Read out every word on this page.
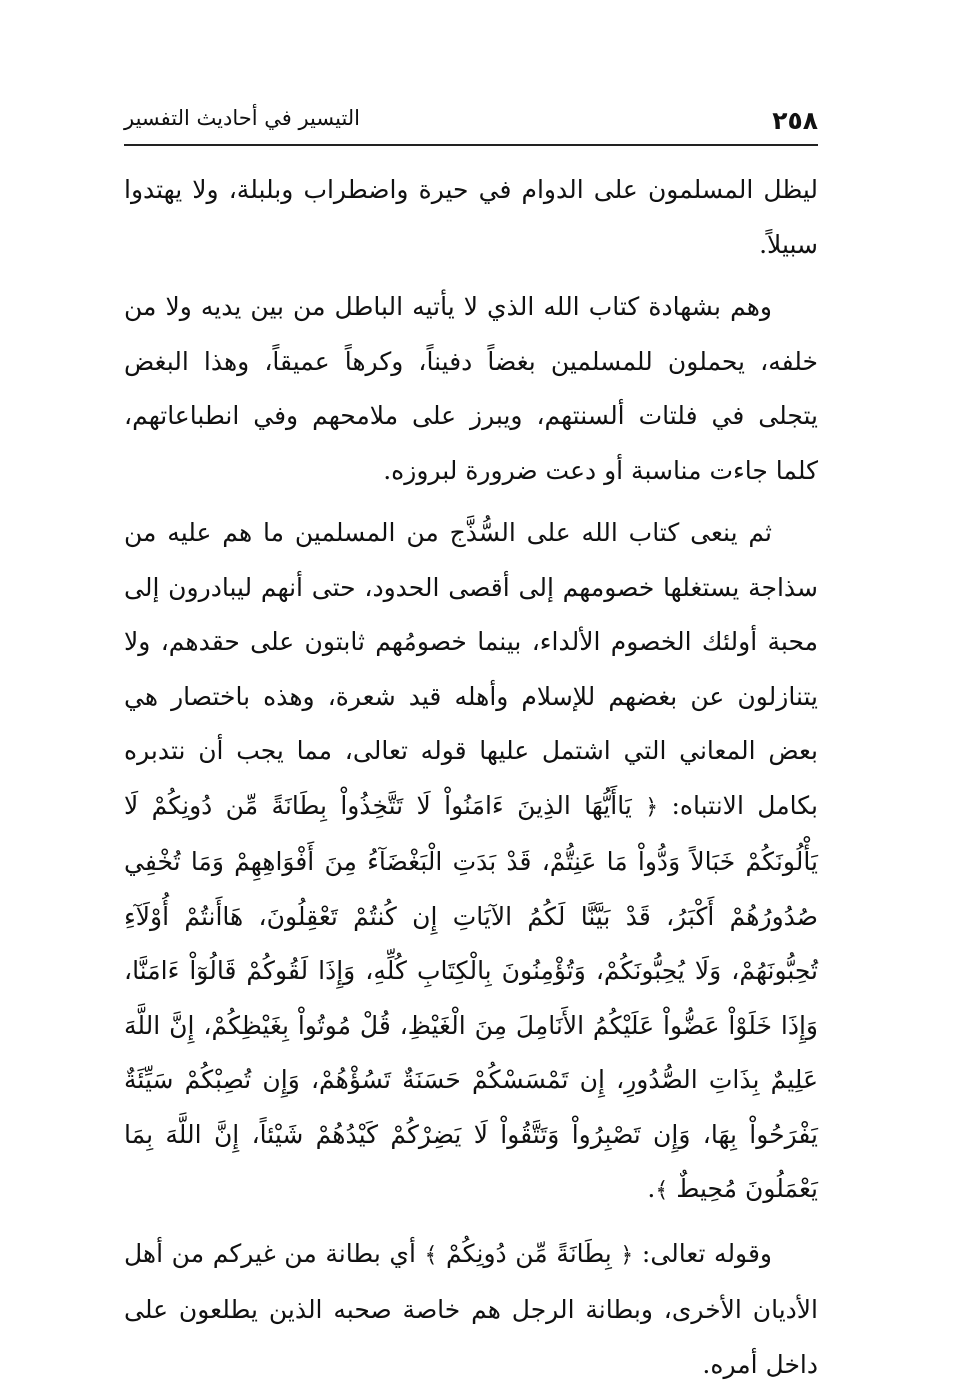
٢٥٨
التيسير في أحاديث التفسير

ليظل المسلمون على الدوام في حيرة واضطراب وبلبلة، ولا يهتدوا سبيلاً.

وهم بشهادة كتاب الله الذي لا يأتيه الباطل من بين يديه ولا من خلفه، يحملون للمسلمين بغضاً دفيناً، وكرهاً عميقاً، وهذا البغض يتجلى في فلتات ألسنتهم، ويبرز على ملامحهم وفي انطباعاتهم، كلما جاءت مناسبة أو دعت ضرورة لبروزه.

ثم ينعى كتاب الله على السُّذَّج من المسلمين ما هم عليه من سذاجة يستغلها خصومهم إلى أقصى الحدود، حتى أنهم ليبادرون إلى محبة أولئك الخصوم الألداء، بينما خصومُهم ثابتون على حقدهم، ولا يتنازلون عن بغضهم للإسلام وأهله قيد شعرة، وهذه باختصار هي بعض المعاني التي اشتمل عليها قوله تعالى، مما يجب أن نتدبره بكامل الانتباه: ﴿ يَاأَيُّهَا الذِينَ ءَامَنُواْ لَا تَتَّخِذُواْ بِطَانَةً مِّن دُونِكُمْ لَا يَأْلُونَكُمْ خَبَالاً وَدُّواْ مَا عَنِتُّمْ، قَدْ بَدَتِ الْبَغْضَآءُ مِنَ أَفْوَاهِهِمْ وَمَا تُخْفِي صُدُورُهُمْ أَكْبَرُ، قَدْ بَيَّنَّا لَكُمُ الآيَاتِ إِن كُنتُمْ تَعْقِلُونَ، هَاأَنتُمْ أُوْلَآءِ تُحِبُّونَهُمْ، وَلَا يُحِبُّونَكُمْ، وَتُؤْمِنُونَ بِالْكِتَابِ كُلِّهِ، وَإِذَا لَقُوكُمْ قَالُوٓاْ ءَامَنَّا، وَإِذَا خَلَوْاْ عَضُّواْ عَلَيْكُمُ الأَنَامِلَ مِنَ الْغَيْظِ، قُلْ مُوتُواْ بِغَيْظِكُمْ، إِنَّ اللَّهَ عَلِيمٌ بِذَاتِ الصُّدُورِ، إِن تَمْسَسْكُمْ حَسَنَةٌ تَسُؤْهُمْ، وَإِن تُصِبْكُمْ سَيِّئَةٌ يَفْرَحُواْ بِهَا، وَإِن تَصْبِرُواْ وَتَتَّقُواْ لَا يَضِرْكُمْ كَيْدُهُمْ شَيْئاً، إِنَّ اللَّهَ بِمَا يَعْمَلُونَ مُحِيطٌ ﴾.

وقوله تعالى: ﴿ بِطَانَةً مِّن دُونِكُمْ ﴾ أي بطانة من غيركم من أهل الأديان الأخرى، وبطانة الرجل هم خاصة صحبه الذين يطلعون على داخل أمره.
